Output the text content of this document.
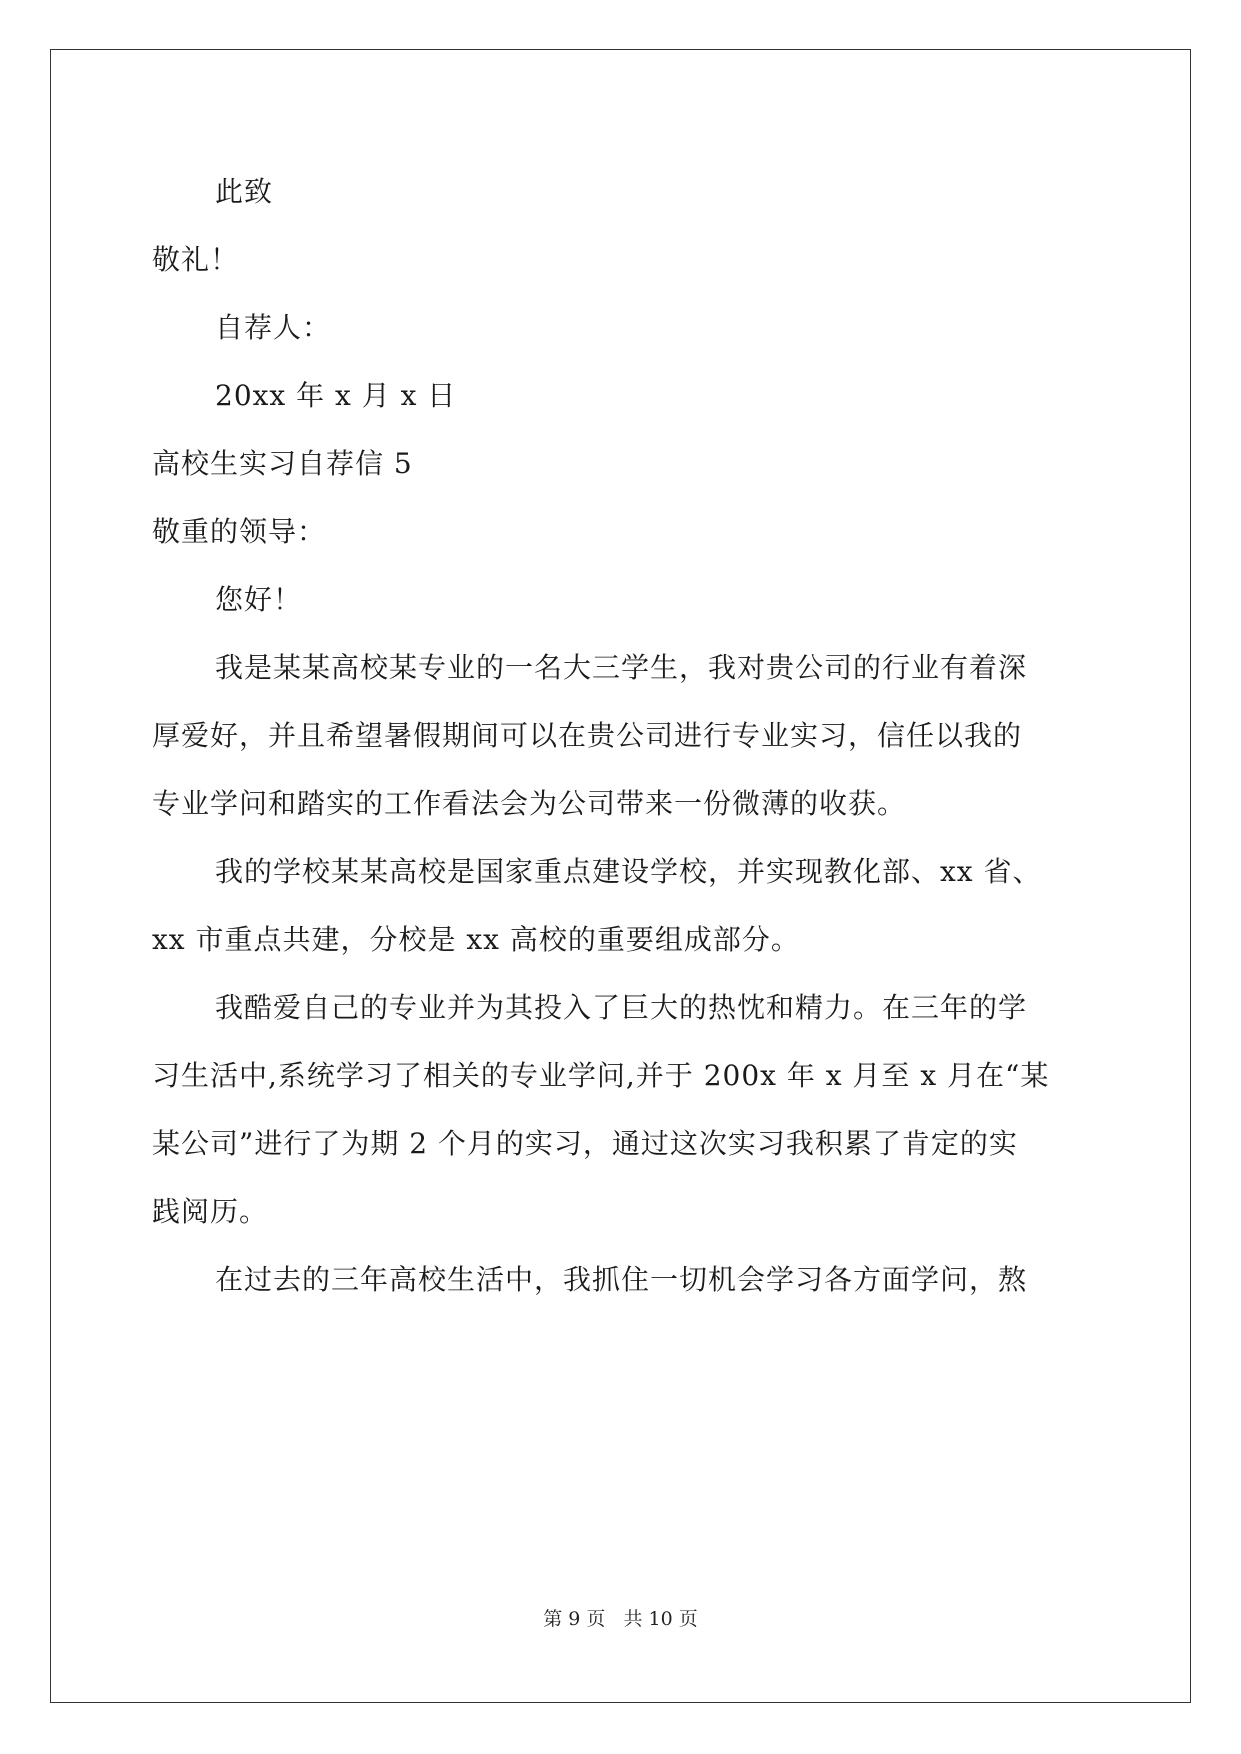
此致
敬礼！
自荐人：
20xx 年 x 月 x 日
高校生实习自荐信 5
敬重的领导：
您好！
我是某某高校某专业的一名大三学生，我对贵公司的行业有着深
厚爱好，并且希望暑假期间可以在贵公司进行专业实习，信任以我的
专业学问和踏实的工作看法会为公司带来一份微薄的收获。
我的学校某某高校是国家重点建设学校，并实现教化部、xx 省、
xx 市重点共建，分校是 xx 高校的重要组成部分。
我酷爱自己的专业并为其投入了巨大的热忱和精力。在三年的学
习生活中,系统学习了相关的专业学问,并于 200x 年 x 月至 x 月在“某
某公司”进行了为期 2 个月的实习，通过这次实习我积累了肯定的实
践阅历。
在过去的三年高校生活中，我抓住一切机会学习各方面学问，熬
第 9 页 共 10 页
